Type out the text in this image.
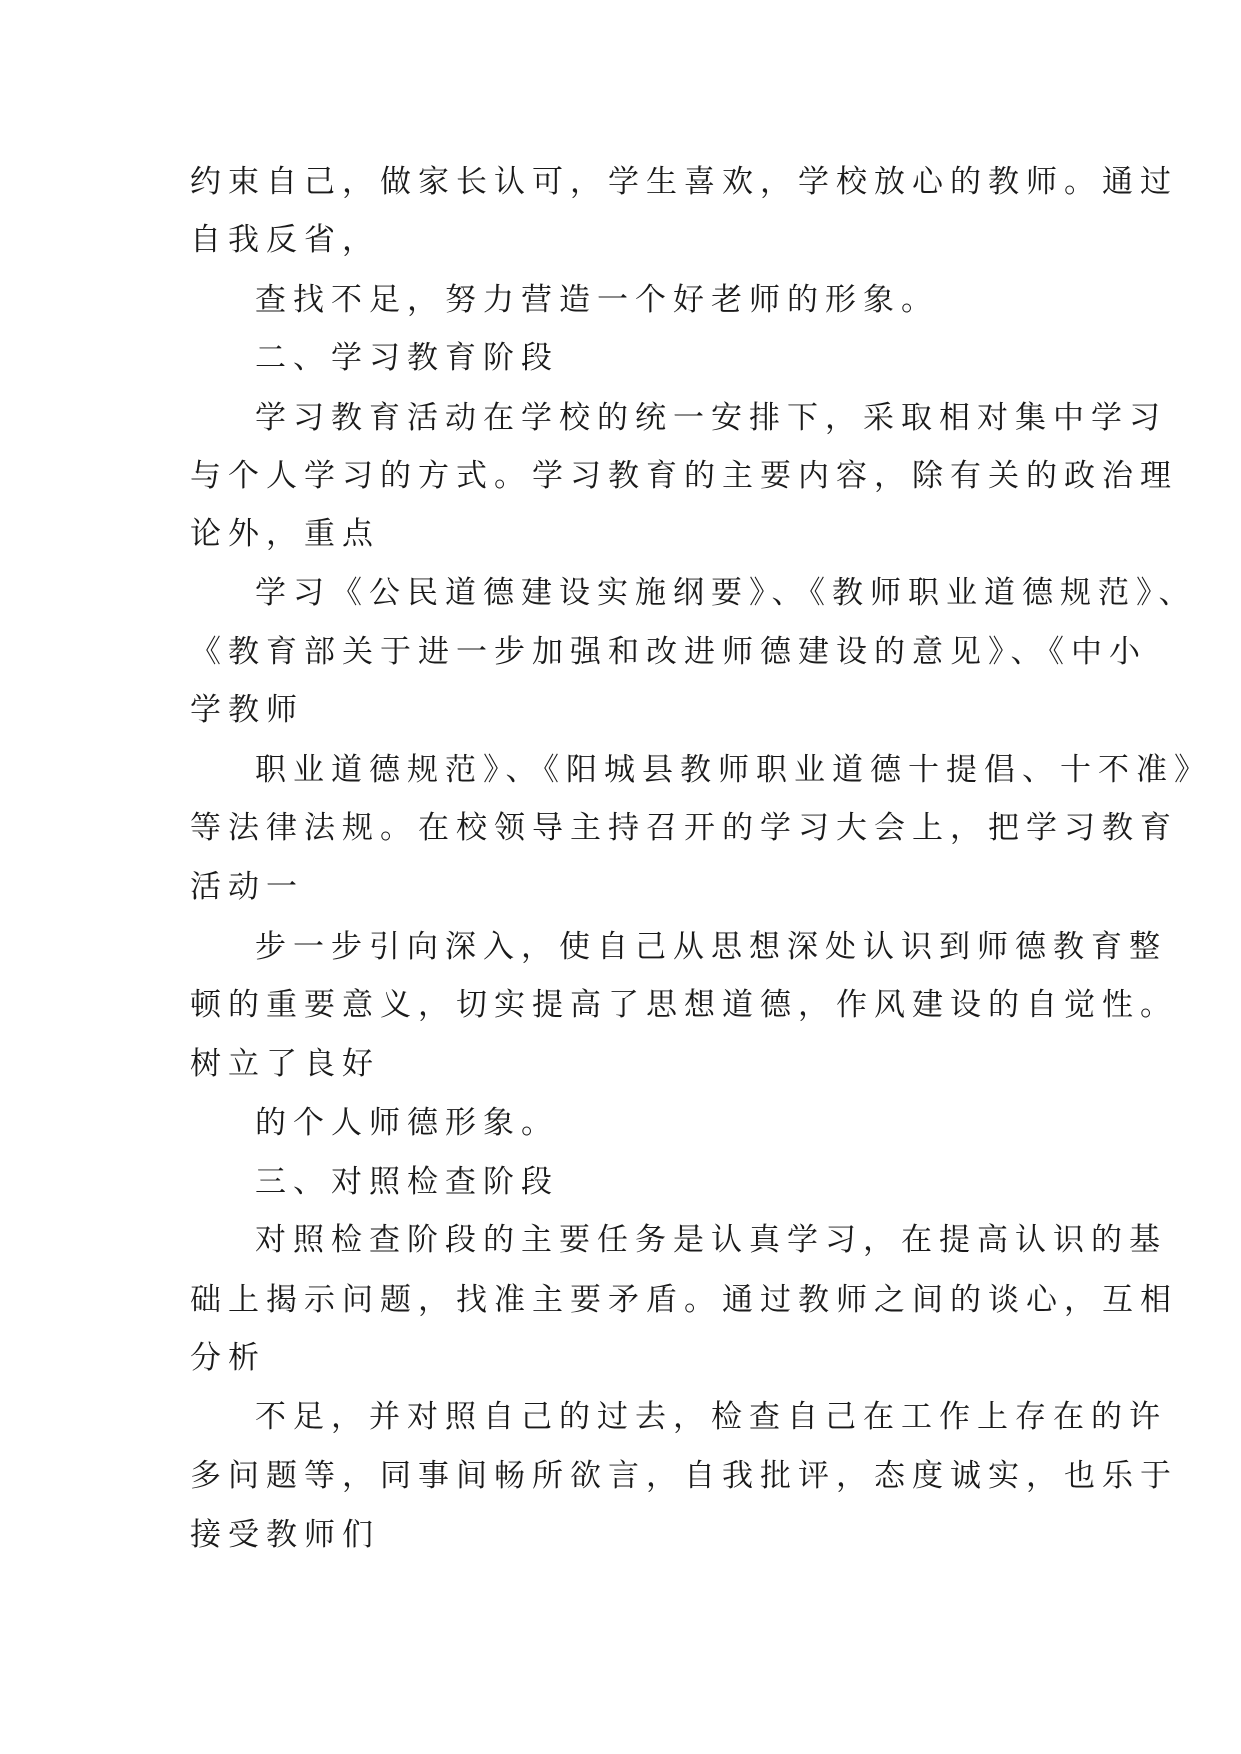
约束自己，做家长认可，学生喜欢，学校放心的教师。通过
自我反省，
查找不足，努力营造一个好老师的形象。
二、学习教育阶段
学习教育活动在学校的统一安排下，采取相对集中学习
与个人学习的方式。学习教育的主要内容，除有关的政治理
论外，重点
学习《公民道德建设实施纲要》、《教师职业道德规范》、
《教育部关于进一步加强和改进师德建设的意见》、《中小
学教师
职业道德规范》、《阳城县教师职业道德十提倡、十不准》
等法律法规。在校领导主持召开的学习大会上，把学习教育
活动一
步一步引向深入，使自己从思想深处认识到师德教育整
顿的重要意义，切实提高了思想道德，作风建设的自觉性。
树立了良好
的个人师德形象。
三、对照检查阶段
对照检查阶段的主要任务是认真学习，在提高认识的基
础上揭示问题，找准主要矛盾。通过教师之间的谈心，互相
分析
不足，并对照自己的过去，检查自己在工作上存在的许
多问题等，同事间畅所欲言，自我批评，态度诚实，也乐于
接受教师们
